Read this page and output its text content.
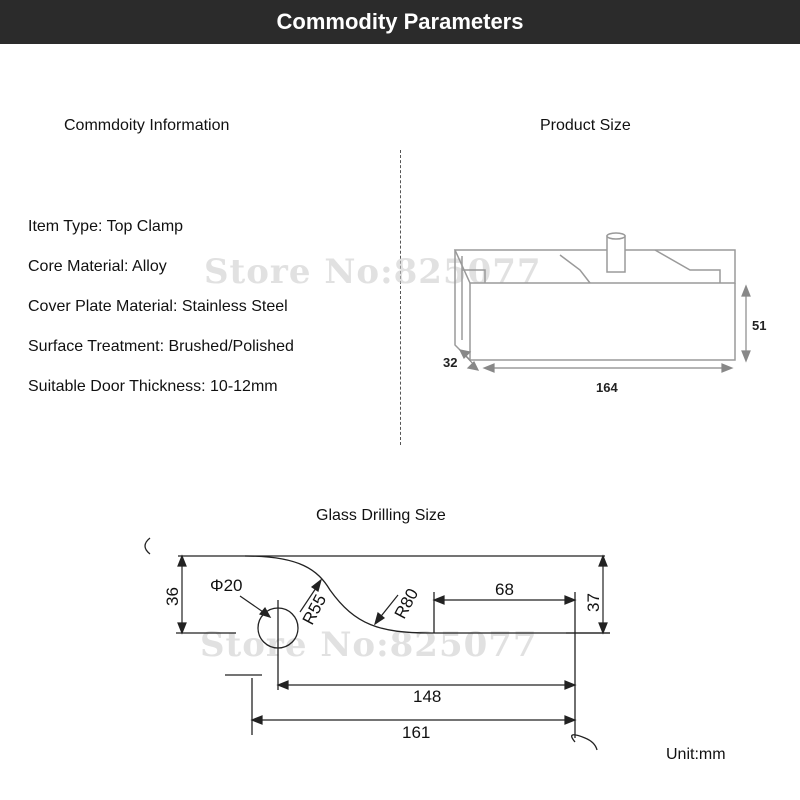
Commodity Parameters
Commdoity Information	Product Size
Item Type: Top Clamp
Core Material: Alloy
Cover Plate Material: Stainless Steel
Surface Treatment: Brushed/Polished
Suitable Door Thickness: 10-12mm
Store No:825077
51
32
164
Glass Drilling Size
Store No:825077
36
Φ20
R55	R80	68
37
148
161
Unit:mm
